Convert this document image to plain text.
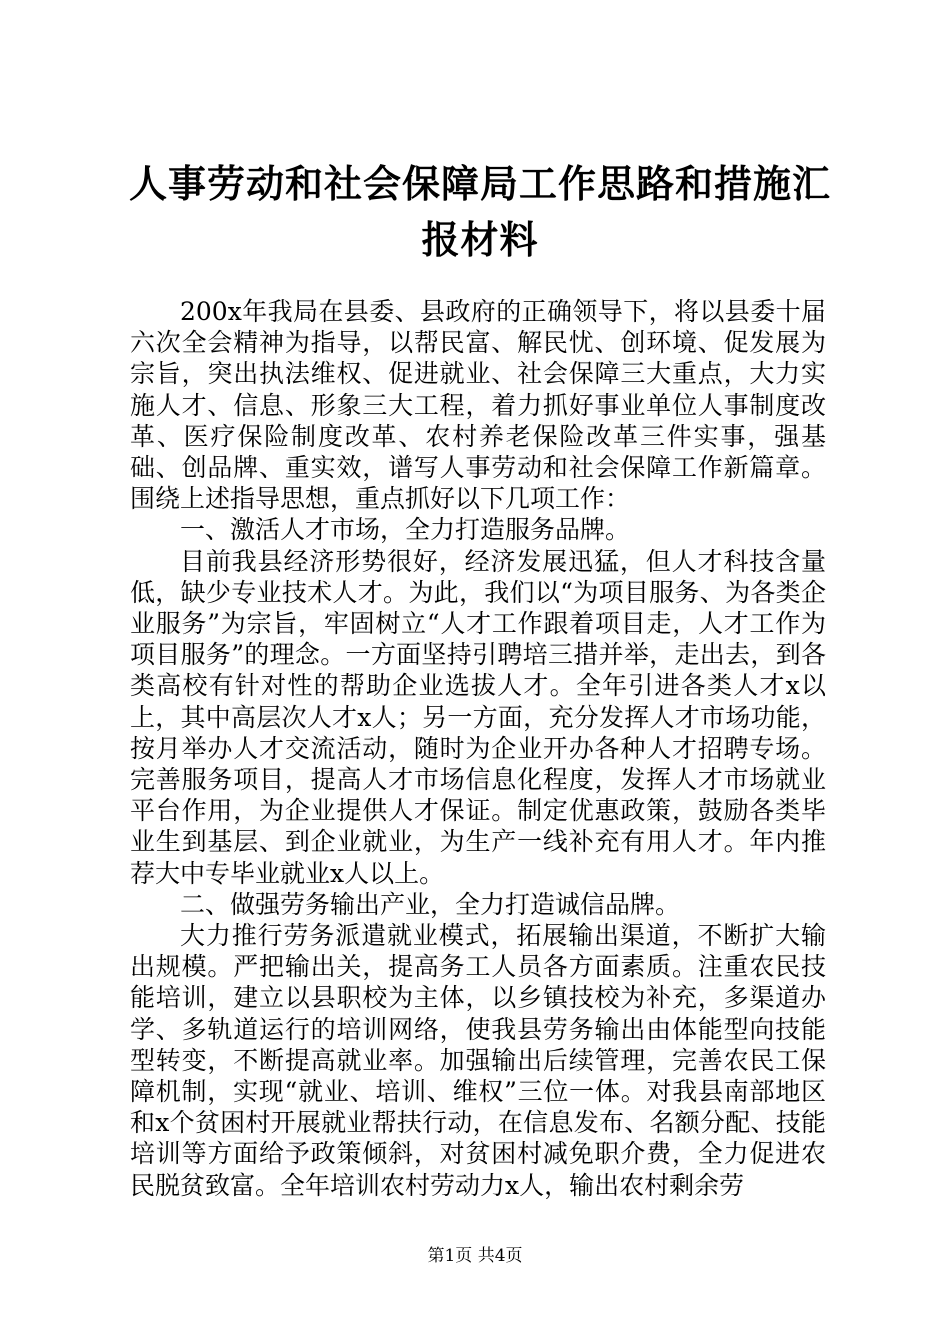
人事劳动和社会保障局工作思路和措施汇报材料

200x年我局在县委、县政府的正确领导下，将以县委十届六次全会精神为指导，以帮民富、解民忧、创环境、促发展为宗旨，突出执法维权、促进就业、社会保障三大重点，大力实施人才、信息、形象三大工程，着力抓好事业单位人事制度改革、医疗保险制度改革、农村养老保险改革三件实事，强基础、创品牌、重实效，谱写人事劳动和社会保障工作新篇章。围绕上述指导思想，重点抓好以下几项工作：

一、激活人才市场，全力打造服务品牌。

目前我县经济形势很好，经济发展迅猛，但人才科技含量低，缺少专业技术人才。为此，我们以“为项目服务、为各类企业服务”为宗旨，牢固树立“人才工作跟着项目走，人才工作为项目服务”的理念。一方面坚持引聘培三措并举，走出去，到各类高校有针对性的帮助企业选拔人才。全年引进各类人才x以上，其中高层次人才x人；另一方面，充分发挥人才市场功能，按月举办人才交流活动，随时为企业开办各种人才招聘专场。完善服务项目，提高人才市场信息化程度，发挥人才市场就业平台作用，为企业提供人才保证。制定优惠政策，鼓励各类毕业生到基层、到企业就业，为生产一线补充有用人才。年内推荐大中专毕业就业x人以上。

二、做强劳务输出产业，全力打造诚信品牌。

大力推行劳务派遣就业模式，拓展输出渠道，不断扩大输出规模。严把输出关，提高务工人员各方面素质。注重农民技能培训，建立以县职校为主体，以乡镇技校为补充，多渠道办学、多轨道运行的培训网络，使我县劳务输出由体能型向技能型转变，不断提高就业率。加强输出后续管理，完善农民工保障机制，实现“就业、培训、维权”三位一体。对我县南部地区和x个贫困村开展就业帮扶行动，在信息发布、名额分配、技能培训等方面给予政策倾斜，对贫困村减免职介费，全力促进农民脱贫致富。全年培训农村劳动力x人，输出农村剩余劳

第1页 共4页
